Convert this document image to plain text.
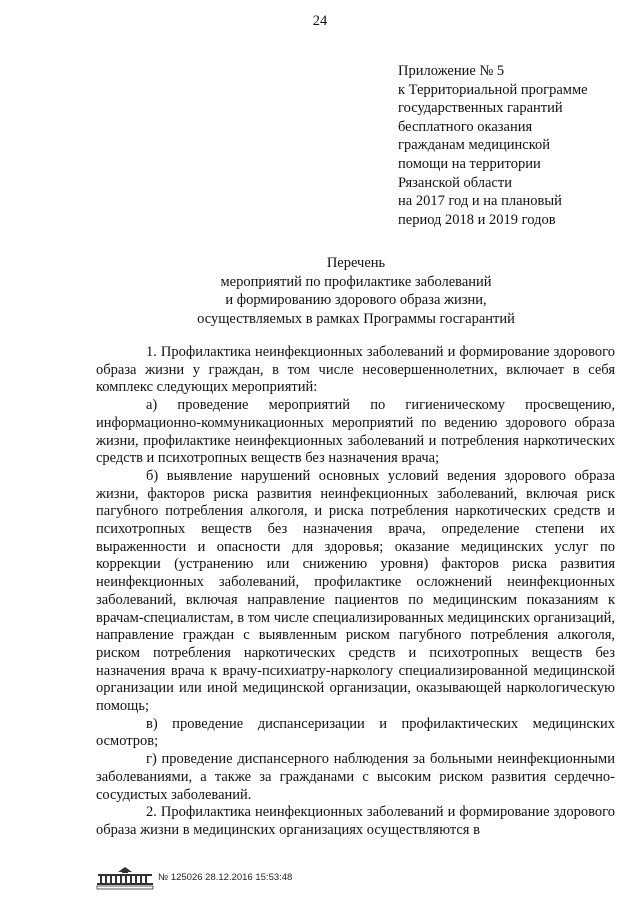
24
Приложение № 5
к Территориальной программе
государственных гарантий
бесплатного оказания
гражданам медицинской
помощи на территории
Рязанской области
на 2017 год и на плановый
период 2018 и 2019 годов
Перечень
мероприятий по профилактике заболеваний
и формированию здорового образа жизни,
осуществляемых в рамках Программы госгарантий

1. Профилактика неинфекционных заболеваний и формирование здорового образа жизни у граждан, в том числе несовершеннолетних, включает в себя комплекс следующих мероприятий:

а) проведение мероприятий по гигиеническому просвещению, информационно-коммуникационных мероприятий по ведению здорового образа жизни, профилактике неинфекционных заболеваний и потребления наркотических средств и психотропных веществ без назначения врача;

б) выявление нарушений основных условий ведения здорового образа жизни, факторов риска развития неинфекционных заболеваний, включая риск пагубного потребления алкоголя, и риска потребления наркотических средств и психотропных веществ без назначения врача, определение степени их выраженности и опасности для здоровья; оказание медицинских услуг по коррекции (устранению или снижению уровня) факторов риска развития неинфекционных заболеваний, профилактике осложнений неинфекционных заболеваний, включая направление пациентов по медицинским показаниям к врачам-специалистам, в том числе специализированных медицинских организаций, направление граждан с выявленным риском пагубного потребления алкоголя, риском потребления наркотических средств и психотропных веществ без назначения врача к врачу-психиатру-наркологу специализированной медицинской организации или иной медицинской организации, оказывающей наркологическую помощь;

в) проведение диспансеризации и профилактических медицинских осмотров;

г) проведение диспансерного наблюдения за больными неинфекционными заболеваниями, а также за гражданами с высоким риском развития сердечно-сосудистых заболеваний.

2. Профилактика неинфекционных заболеваний и формирование здорового образа жизни в медицинских организациях осуществляются в

№ 125026 28.12.2016 15:53:48
